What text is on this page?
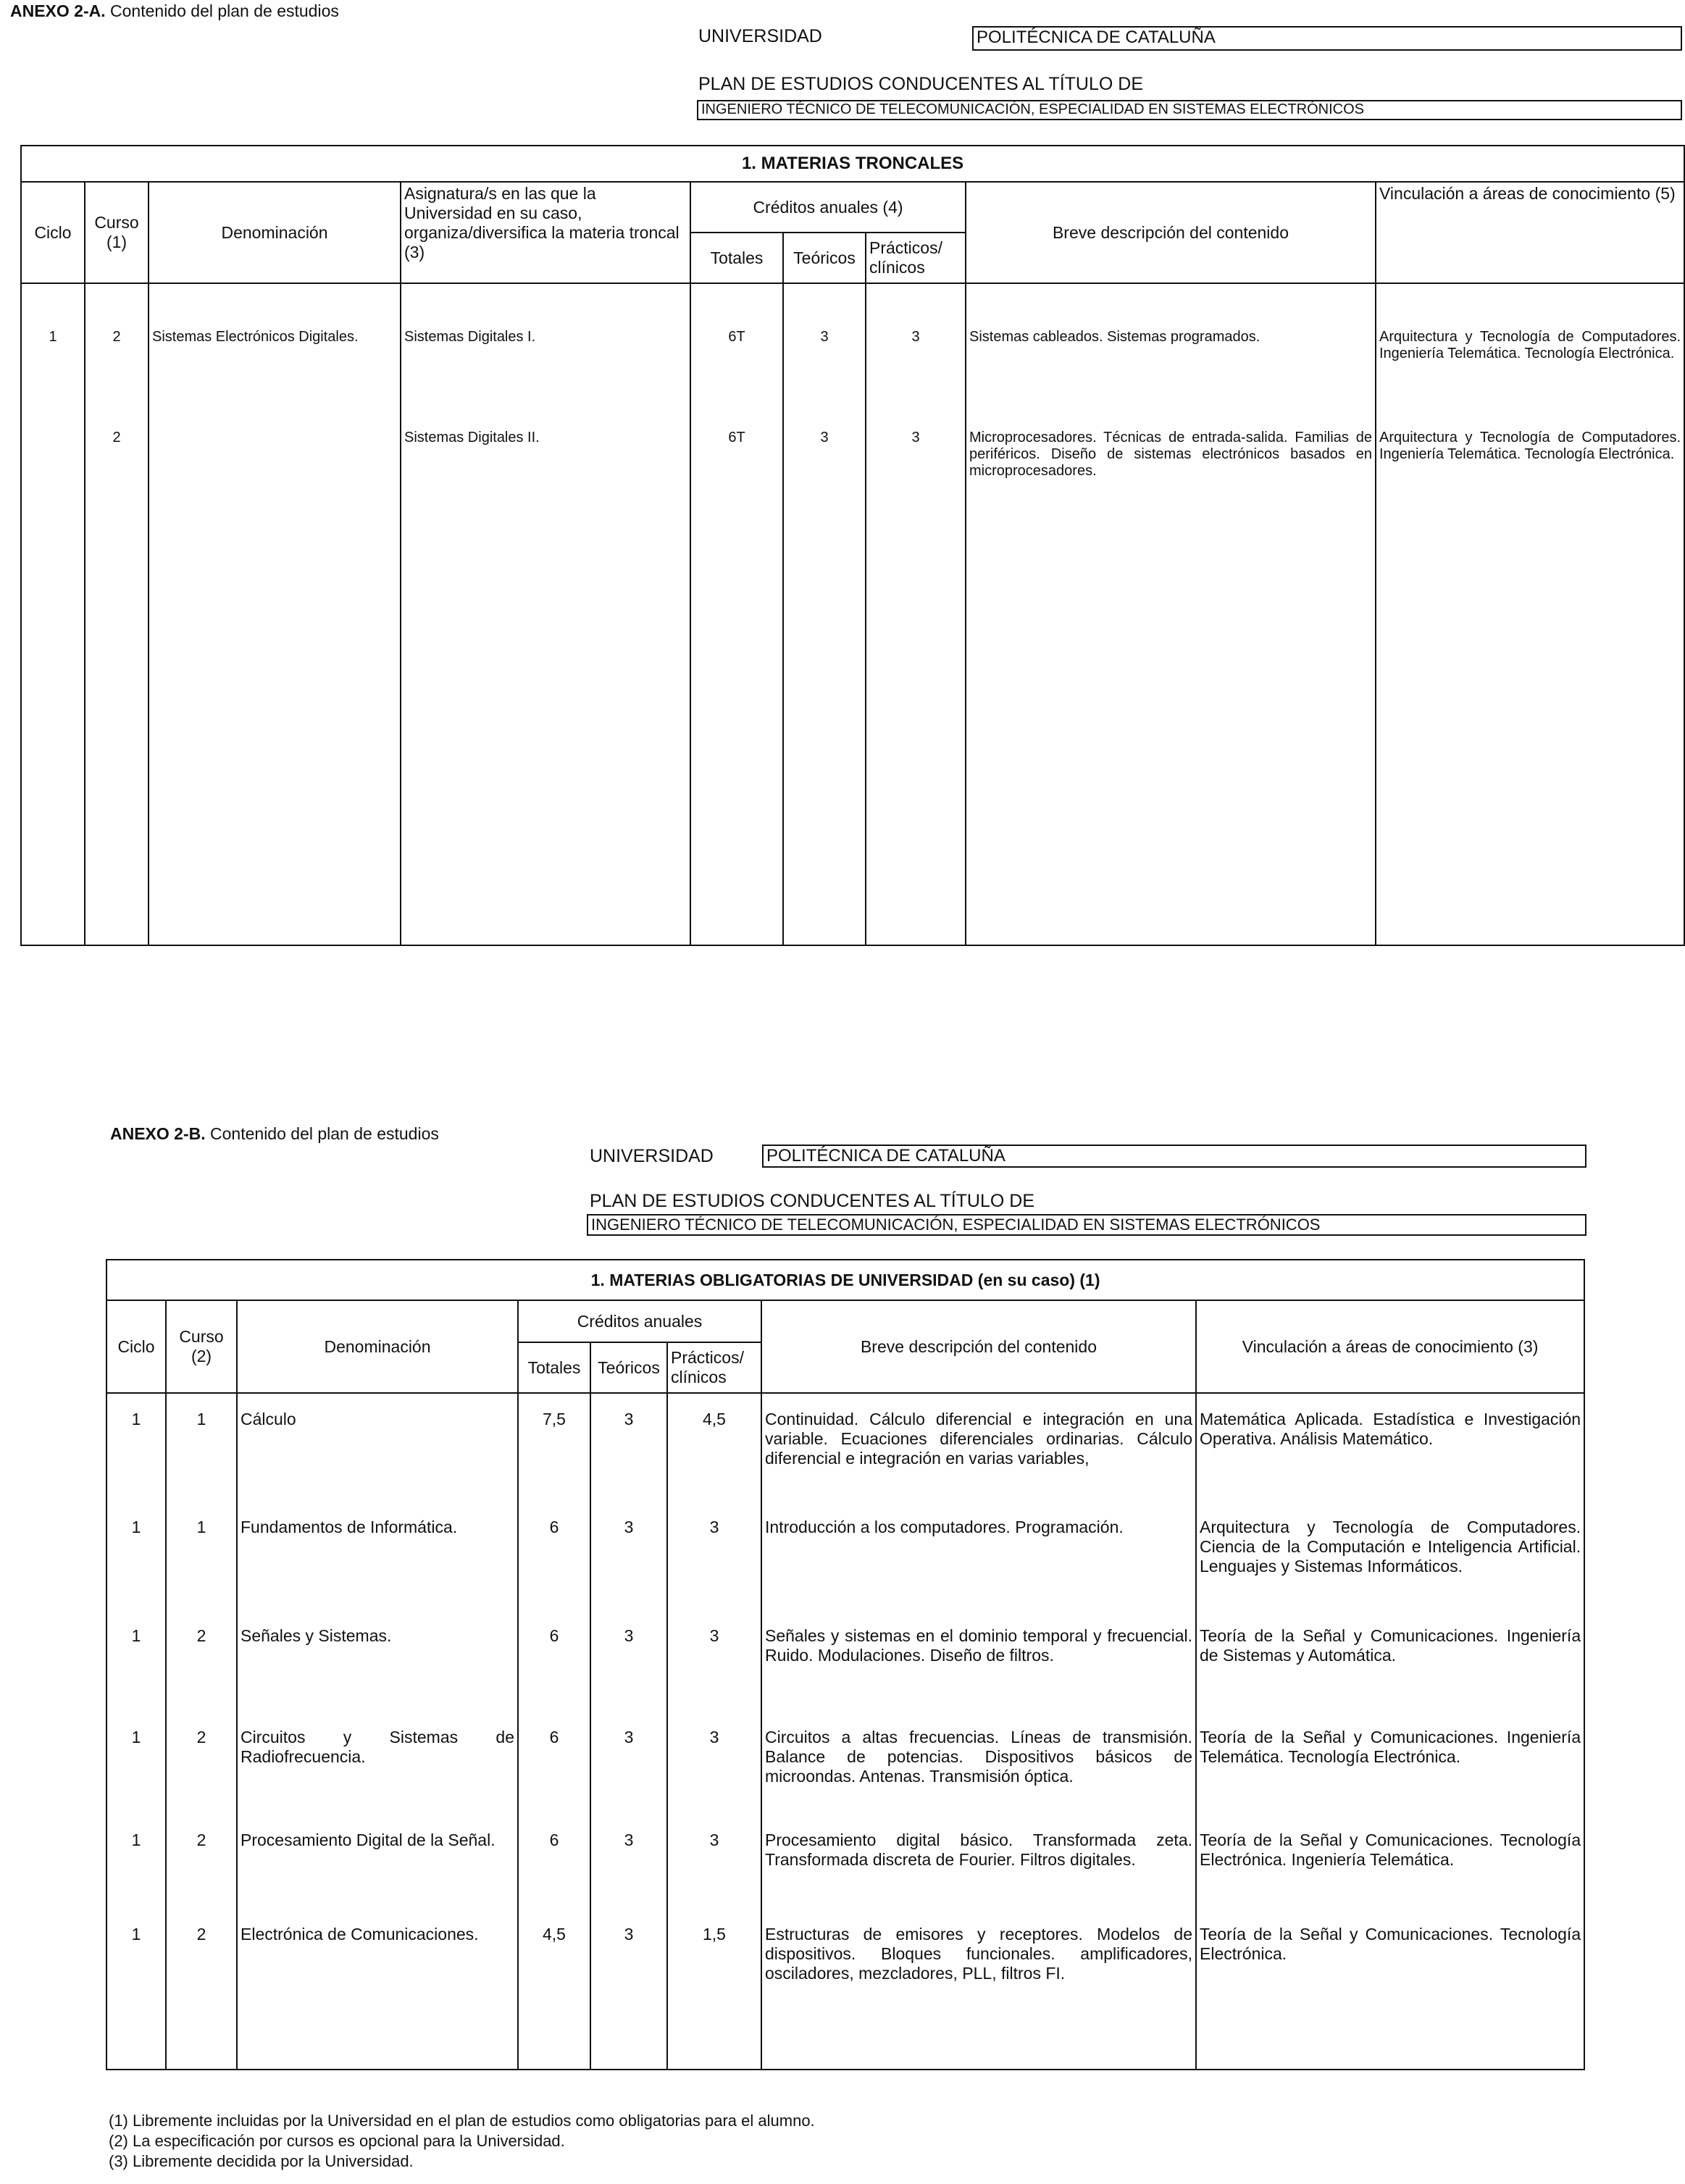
ANEXO 2-A. Contenido del plan de estudios
UNIVERSIDAD	POLITÉCNICA DE CATALUÑA
PLAN DE ESTUDIOS CONDUCENTES AL TÍTULO DE
INGENIERO TÉCNICO DE TELECOMUNICACIÓN, ESPECIALIDAD EN SISTEMAS ELECTRÓNICOS
1. MATERIAS TRONCALES								
Ciclo	Curso (1)	Denominación	Asignatura/s en las que la Universidad en su caso, organiza/diversifica la materia troncal (3)	Créditos anuales (4)			Breve descripción del contenido	Vinculación a áreas de conocimiento (5)
				Totales	Teóricos	Prácticos/ clínicos		
1	2	Sistemas Electrónicos Digitales.	Sistemas Digitales I.	6T	3	3	Sistemas cableados. Sistemas programados.	Arquitectura y Tecnología de Computadores. Ingeniería Telemática. Tecnología Electrónica.
	2		Sistemas Digitales II.	6T	3	3	Microprocesadores. Técnicas de entrada-salida. Familias de periféricos. Diseño de sistemas electrónicos basados en microprocesadores.	Arquitectura y Tecnología de Computadores. Ingeniería Telemática. Tecnología Electrónica.
ANEXO 2-B. Contenido del plan de estudios
UNIVERSIDAD	POLITÉCNICA DE CATALUÑA
PLAN DE ESTUDIOS CONDUCENTES AL TÍTULO DE
INGENIERO TÉCNICO DE TELECOMUNICACIÓN, ESPECIALIDAD EN SISTEMAS ELECTRÓNICOS
1. MATERIAS OBLIGATORIAS DE UNIVERSIDAD (en su caso) (1)							
Ciclo	Curso (2)	Denominación	Créditos anuales			Breve descripción del contenido	Vinculación a áreas de conocimiento (3)
			Totales	Teóricos	Prácticos/ clínicos		
1	1	Cálculo	7,5	3	4,5	Continuidad. Cálculo diferencial e integración en una variable. Ecuaciones diferenciales ordinarias. Cálculo diferencial e integración en varias variables,	Matemática Aplicada. Estadística e Investigación Operativa. Análisis Matemático.
1	1	Fundamentos de Informática.	6	3	3	Introducción a los computadores. Programación.	Arquitectura y Tecnología de Computadores. Ciencia de la Computación e Inteligencia Artificial. Lenguajes y Sistemas Informáticos.
1	2	Señales y Sistemas.	6	3	3	Señales y sistemas en el dominio temporal y frecuencial. Ruido. Modulaciones. Diseño de filtros.	Teoría de la Señal y Comunicaciones. Ingeniería de Sistemas y Automática.
1	2	Circuitos y Sistemas de Radiofrecuencia.	6	3	3	Circuitos a altas frecuencias. Líneas de transmisión. Balance de potencias. Dispositivos básicos de microondas. Antenas. Transmisión óptica.	Teoría de la Señal y Comunicaciones. Ingeniería Telemática. Tecnología Electrónica.
1	2	Procesamiento Digital de la Señal.	6	3	3	Procesamiento digital básico. Transformada zeta. Transformada discreta de Fourier. Filtros digitales.	Teoría de la Señal y Comunicaciones. Tecnología Electrónica. Ingeniería Telemática.
1	2	Electrónica de Comunicaciones.	4,5	3	1,5	Estructuras de emisores y receptores. Modelos de dispositivos. Bloques funcionales. amplificadores, osciladores, mezcladores, PLL, filtros FI.	Teoría de la Señal y Comunicaciones. Tecnología Electrónica.
(1) Libremente incluidas por la Universidad en el plan de estudios como obligatorias para el alumno.
(2) La especificación por cursos es opcional para la Universidad.
(3) Libremente decidida por la Universidad.
